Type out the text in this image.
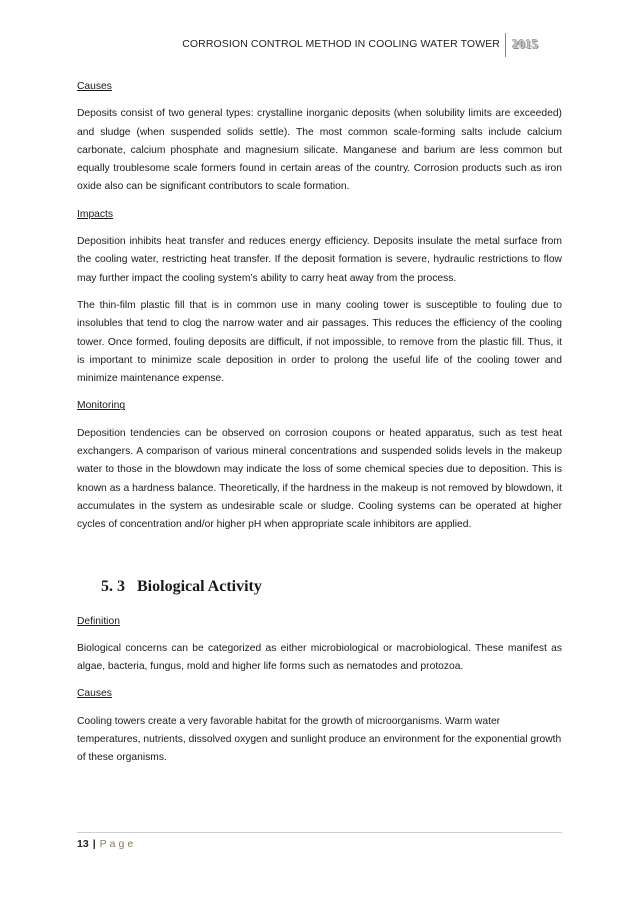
CORROSION CONTROL METHOD IN COOLING WATER TOWER 2015
Causes

Deposits consist of two general types: crystalline inorganic deposits (when solubility limits are exceeded) and sludge (when suspended solids settle). The most common scale-forming salts include calcium carbonate, calcium phosphate and magnesium silicate. Manganese and barium are less common but equally troublesome scale formers found in certain areas of the country. Corrosion products such as iron oxide also can be significant contributors to scale formation.

Impacts

Deposition inhibits heat transfer and reduces energy efficiency. Deposits insulate the metal surface from the cooling water, restricting heat transfer. If the deposit formation is severe, hydraulic restrictions to flow may further impact the cooling system’s ability to carry heat away from the process.

The thin-film plastic fill that is in common use in many cooling tower is susceptible to fouling due to insolubles that tend to clog the narrow water and air passages. This reduces the efficiency of the cooling tower. Once formed, fouling deposits are difficult, if not impossible, to remove from the plastic fill. Thus, it is important to minimize scale deposition in order to prolong the useful life of the cooling tower and minimize maintenance expense.

Monitoring

Deposition tendencies can be observed on corrosion coupons or heated apparatus, such as test heat exchangers. A comparison of various mineral concentrations and suspended solids levels in the makeup water to those in the blowdown may indicate the loss of some chemical species due to deposition. This is known as a hardness balance. Theoretically, if the hardness in the makeup is not removed by blowdown, it accumulates in the system as undesirable scale or sludge. Cooling systems can be operated at higher cycles of concentration and/or higher pH when appropriate scale inhibitors are applied.

5. 3   Biological Activity
Definition

Biological concerns can be categorized as either microbiological or macrobiological. These manifest as algae, bacteria, fungus, mold and higher life forms such as nematodes and protozoa.

Causes

Cooling towers create a very favorable habitat for the growth of microorganisms. Warm water temperatures, nutrients, dissolved oxygen and sunlight produce an environment for the exponential growth of these organisms.

13 | Page
